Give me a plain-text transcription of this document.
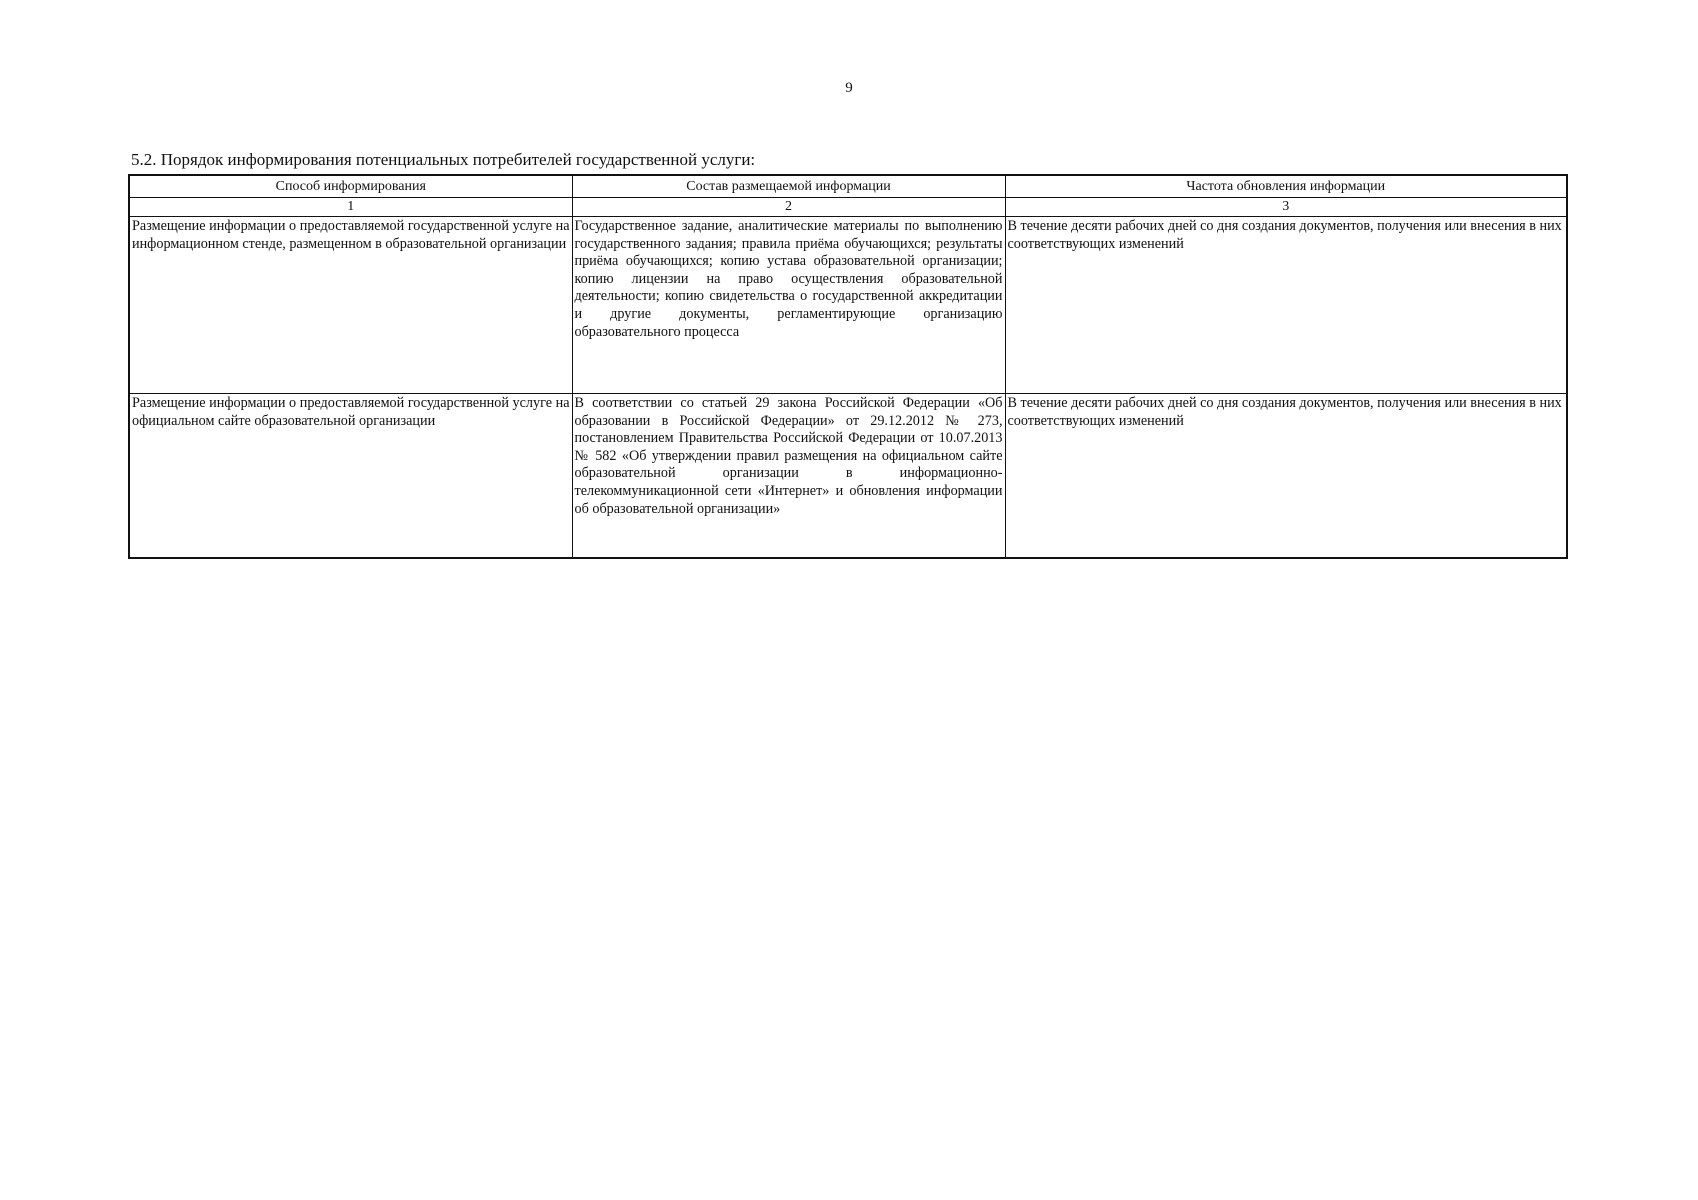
9
5.2. Порядок информирования потенциальных потребителей государственной услуги:
Способ информирования	Состав размещаемой информации	Частота обновления информации
1	2	3
Размещение информации о предоставляемой государственной услуге на информационном стенде, размещенном в образовательной организации	Государственное задание, аналитические материалы по выполнению государственного задания; правила приёма обучающихся; результаты приёма обучающихся; копию устава образовательной организации; копию лицензии на право осуществления образовательной деятельности; копию свидетельства о государственной аккредитации и другие документы, регламентирующие организацию образовательного процесса	В течение десяти рабочих дней со дня создания документов, получения или внесения в них соответствующих изменений
Размещение информации о предоставляемой государственной услуге на официальном сайте образовательной организации	В соответствии со статьей 29 закона Российской Федерации «Об образовании в Российской Федерации» от 29.12.2012 № 273, постановлением Правительства Российской Федерации от 10.07.2013 № 582 «Об утверждении правил размещения на официальном сайте образовательной организации в информационно-телекоммуникационной сети «Интернет» и обновления информации об образовательной организации»	В течение десяти рабочих дней со дня создания документов, получения или внесения в них соответствующих изменений
